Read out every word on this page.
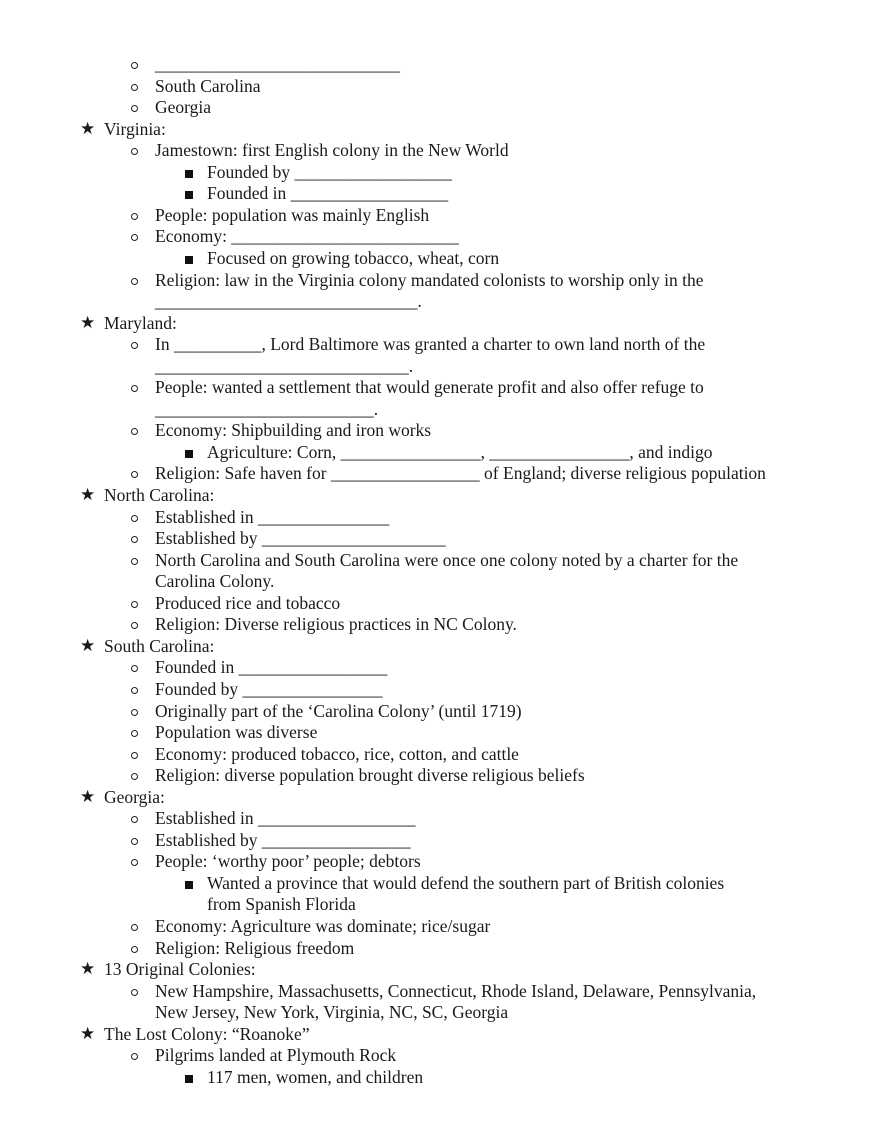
____________________________
South Carolina
Georgia
★ Virginia:
Jamestown: first English colony in the New World
Founded by __________________
Founded in __________________
People: population was mainly English
Economy: __________________________
Focused on growing tobacco, wheat, corn
Religion: law in the Virginia colony mandated colonists to worship only in the
______________________________.
★ Maryland:
In __________, Lord Baltimore was granted a charter to own land north of the
_____________________________.
People: wanted a settlement that would generate profit and also offer refuge to
_________________________.
Economy: Shipbuilding and iron works
Agriculture: Corn, ________________, ________________, and indigo
Religion: Safe haven for _________________ of England; diverse religious population
★ North Carolina:
Established in _______________
Established by _____________________
North Carolina and South Carolina were once one colony noted by a charter for the
Carolina Colony.
Produced rice and tobacco
Religion: Diverse religious practices in NC Colony.
★ South Carolina:
Founded in _________________
Founded by ________________
Originally part of the ‘Carolina Colony’ (until 1719)
Population was diverse
Economy: produced tobacco, rice, cotton, and cattle
Religion: diverse population brought diverse religious beliefs
★ Georgia:
Established in __________________
Established by _________________
People: ‘worthy poor’ people; debtors
Wanted a province that would defend the southern part of British colonies
from Spanish Florida
Economy: Agriculture was dominate; rice/sugar
Religion: Religious freedom
★ 13 Original Colonies:
New Hampshire, Massachusetts, Connecticut, Rhode Island, Delaware, Pennsylvania,
New Jersey, New York, Virginia, NC, SC, Georgia
★ The Lost Colony: “Roanoke”
Pilgrims landed at Plymouth Rock
117 men, women, and children
